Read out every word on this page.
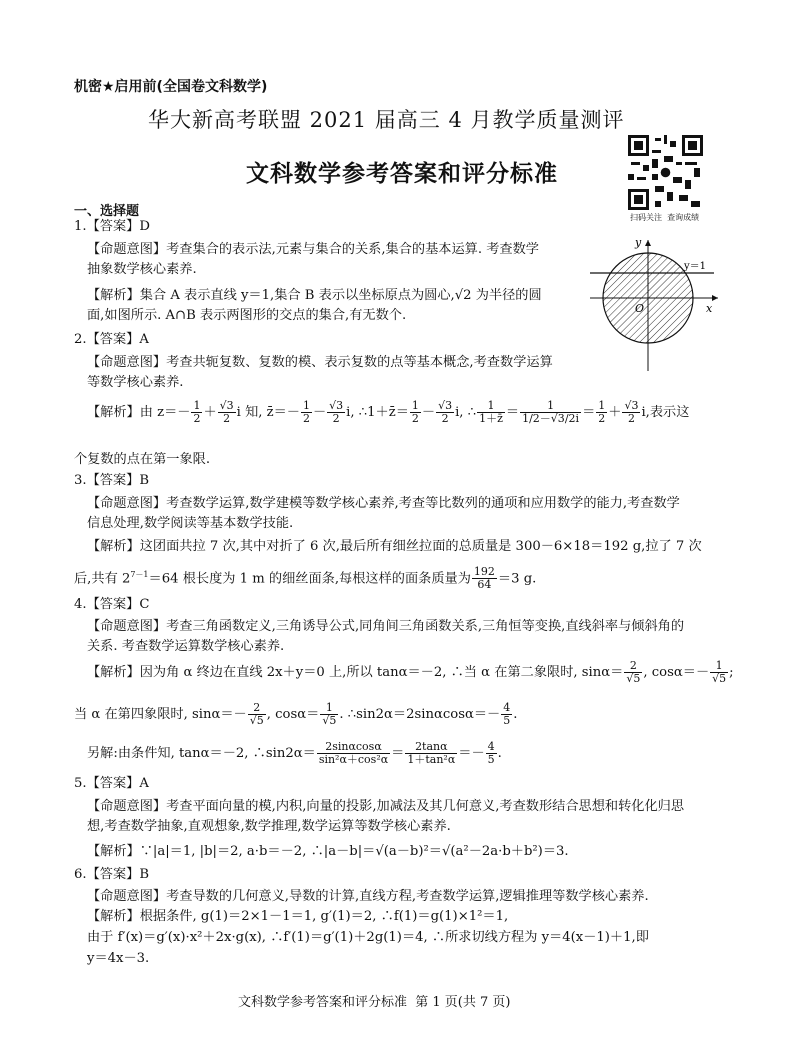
机密★启用前(全国卷文科数学)
华大新高考联盟 2021 届高三 4 月教学质量测评
文科数学参考答案和评分标准
扫码关注  查询成绩
一、选择题
1.【答案】D
【命题意图】考查集合的表示法,元素与集合的关系,集合的基本运算. 考查数学
抽象数学核心素养.
【解析】集合 A 表示直线 y＝1,集合 B 表示以坐标原点为圆心,√2 为半径的圆
面,如图所示. A∩B 表示两图形的交点的集合,有无数个.
y
x
O
y＝1
2.【答案】A
【命题意图】考查共轭复数、复数的模、表示复数的点等基本概念,考查数学运算
等数学核心素养.
【解析】由 $z=- \frac{1}{2} + \frac{√3}{2}$ i 知, z̄＝－ $\frac{1}{2} - \frac{√3}{2} i$, ∴1＋z̄＝ $\frac{1}{2} - \frac{√3}{2} i$, ∴ $\frac{1}{1+z̄} = \frac{1}{1/2-√3/2i} = \frac{1}{2} + \frac{√3}{2} i$,表示这
个复数的点在第一象限.
3.【答案】B
【命题意图】考查数学运算,数学建模等数学核心素养,考查等比数列的通项和应用数学的能力,考查数学
信息处理,数学阅读等基本数学技能.
【解析】这团面共拉 7 次,其中对折了 6 次,最后所有细丝拉面的总质量是 300－6×18＝192 g,拉了 7 次
后,共有 $2^{7-1}=64$ 根长度为 1 m 的细丝面条,每根这样的面条质量为 $\frac{192}{64} =3$ g.
4.【答案】C
【命题意图】考查三角函数定义,三角诱导公式,同角间三角函数关系,三角恒等变换,直线斜率与倾斜角的
关系. 考查数学运算数学核心素养.
【解析】因为角 α 终边在直线 2x＋y＝0 上,所以 tanα＝－2, ∴当 α 在第二象限时, $\sin\alpha= \frac{2}{√5}$ , $\cos\alpha=- \frac{1}{√5}$ ;
当 α 在第四象限时, $\sin\alpha=- \frac{2}{√5}$ , $\cos\alpha= \frac{1}{√5}$ . ∴sin2α＝2sinαcosα＝－ $\frac{4}{5}$ .
另解:由条件知, tanα＝－2, ∴sin2α＝ $\frac{2\sin\alpha\cos\alpha}{\text{sin²α＋cos²α}} = \frac{2\tan\alpha}{\text{1＋tan²α}} =- \frac{4}{5}$ .
5.【答案】A
【命题意图】考查平面向量的模,内积,向量的投影,加减法及其几何意义,考查数形结合思想和转化化归思
想,考查数学抽象,直观想象,数学推理,数学运算等数学核心素养.
【解析】∵|a|＝1, |b|＝2, a·b＝－2, ∴|a－b|＝√(a－b)²＝√(a²－2a·b＋b²)＝3.
6.【答案】B
【命题意图】考查导数的几何意义,导数的计算,直线方程,考查数学运算,逻辑推理等数学核心素养.
【解析】根据条件, g(1)＝2×1－1＝1, g′(1)＝2, ∴f(1)＝g(1)×1²＝1,
由于 f′(x)＝g′(x)·x²＋2x·g(x), ∴f′(1)＝g′(1)＋2g(1)＝4, ∴所求切线方程为 y＝4(x－1)＋1,即
y＝4x－3.
文科数学参考答案和评分标准  第 1 页(共 7 页)
